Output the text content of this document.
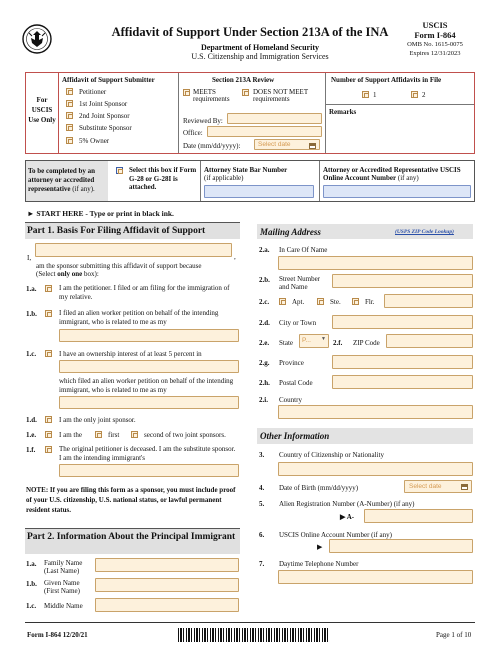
Affidavit of Support Under Section 213A of the INA
Department of Homeland Security
U.S. Citizenship and Immigration Services
USCIS
Form I-864
OMB No. 1615-0075
Expires 12/31/2023
For USCIS Use Only
Affidavit of Support Submitter
Petitioner
1st Joint Sponsor
2nd Joint Sponsor
Substitute Sponsor
5% Owner
Section 213A Review
MEETS
requirements
DOES NOT MEET
requirements
Reviewed By:
Office:
Date (mm/dd/yyyy):	Select date
Number of Support Affidavits in File
1	2
Remarks
To be completed by an attorney or accredited representative (if any).
Select this box if Form G-28 or G-28I is attached.
Attorney State Bar Number
(if applicable)
Attorney or Accredited Representative USCIS Online Account Number (if any)
► START HERE - Type or print in black ink.
Part 1. Basis For Filing Affidavit of Support
I,	,
am the sponsor submitting this affidavit of support because
(Select only one box):
1.a.	I am the petitioner. I filed or am filing for the immigration of my relative.
1.b.	I filed an alien worker petition on behalf of the intending immigrant, who is related to me as my
1.c.	I have an ownership interest of at least 5 percent in
which filed an alien worker petition on behalf of the intending immigrant, who is related to me as my
1.d.	I am the only joint sponsor.
1.e.	I am the	first	second of two joint sponsors.
1.f.	The original petitioner is deceased. I am the substitute sponsor. I am the intending immigrant's
NOTE: If you are filing this form as a sponsor, you must include proof of your U.S. citizenship, U.S. national status, or lawful permanent resident status.
Part 2. Information About the Principal Immigrant
1.a. Family Name (Last Name)
1.b. Given Name (First Name)
1.c. Middle Name
Mailing Address	(USPS ZIP Code Lookup)
2.a. In Care Of Name
2.b. Street Number and Name
2.c.	Apt.	Ste.	Flr.
2.d. City or Town
2.e. State P... ▼ 2.f. ZIP Code
2.g. Province
2.h. Postal Code
2.i. Country
Other Information
3. Country of Citizenship or Nationality
4. Date of Birth (mm/dd/yyyy)	Select date
5. Alien Registration Number (A-Number) (if any)
▶ A-
6. USCIS Online Account Number (if any)
▶
7. Daytime Telephone Number
Form I-864 12/20/21	Page 1 of 10
